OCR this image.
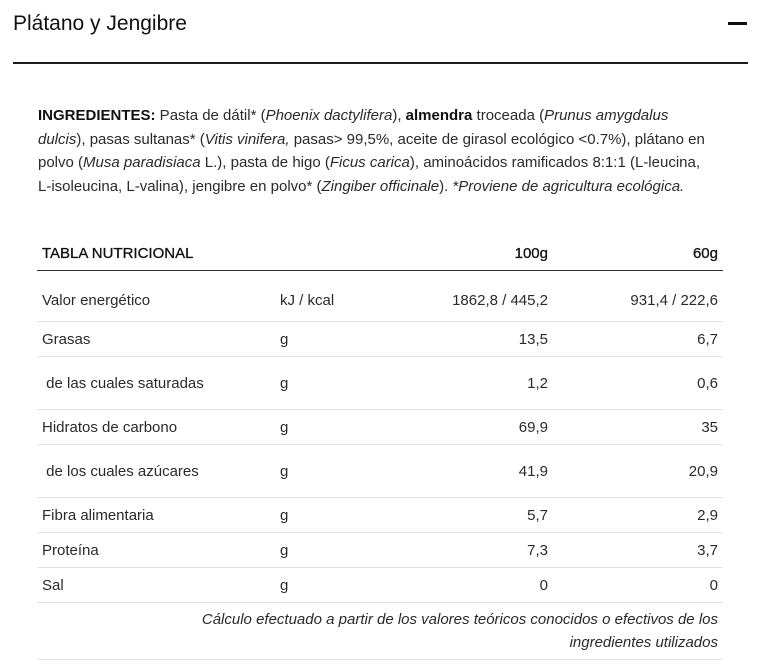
Plátano y Jengibre
INGREDIENTES: Pasta de dátil* (Phoenix dactylifera), almendra troceada (Prunus amygdalus dulcis), pasas sultanas* (Vitis vinifera, pasas> 99,5%, aceite de girasol ecológico <0.7%), plátano en polvo (Musa paradisiaca L.), pasta de higo (Ficus carica), aminoácidos ramificados 8:1:1 (L-leucina, L-isoleucina, L-valina), jengibre en polvo* (Zingiber officinale). *Proviene de agricultura ecológica.
TABLA NUTRICIONAL		100g	60g
Valor energético	kJ / kcal	1862,8 / 445,2	931,4 / 222,6
Grasas	g	13,5	6,7
de las cuales saturadas	g	1,2	0,6
Hidratos de carbono	g	69,9	35
de los cuales azúcares	g	41,9	20,9
Fibra alimentaria	g	5,7	2,9
Proteína	g	7,3	3,7
Sal	g	0	0
Cálculo efectuado a partir de los valores teóricos conocidos o efectivos de los ingredientes utilizados			
